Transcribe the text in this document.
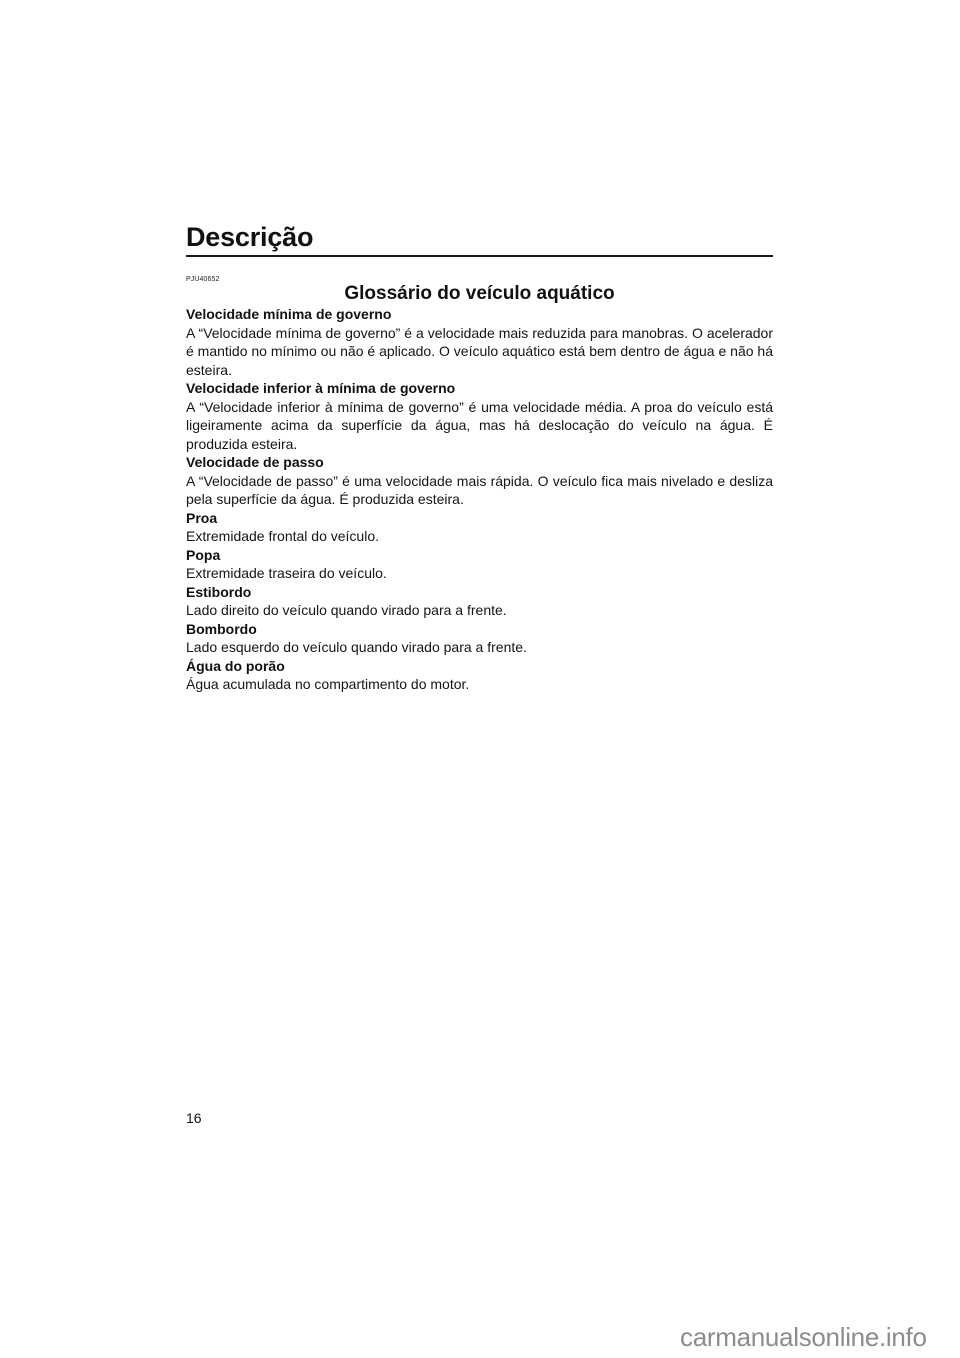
Descrição
PJU40652
Glossário do veículo aquático

Velocidade mínima de governo

A “Velocidade mínima de governo” é a velocidade mais reduzida para manobras. O acelerador é mantido no mínimo ou não é aplicado. O veículo aquático está bem dentro de água e não há esteira.

Velocidade inferior à mínima de governo

A “Velocidade inferior à mínima de governo” é uma velocidade média. A proa do veículo está ligeiramente acima da superfície da água, mas há deslocação do veículo na água. É produzida esteira.

Velocidade de passo

A “Velocidade de passo” é uma velocidade mais rápida. O veículo fica mais nivelado e desliza pela superfície da água. É produzida esteira.

Proa

Extremidade frontal do veículo.

Popa

Extremidade traseira do veículo.

Estibordo

Lado direito do veículo quando virado para a frente.

Bombordo

Lado esquerdo do veículo quando virado para a frente.

Água do porão

Água acumulada no compartimento do motor.

16
carmanualsonline.info
